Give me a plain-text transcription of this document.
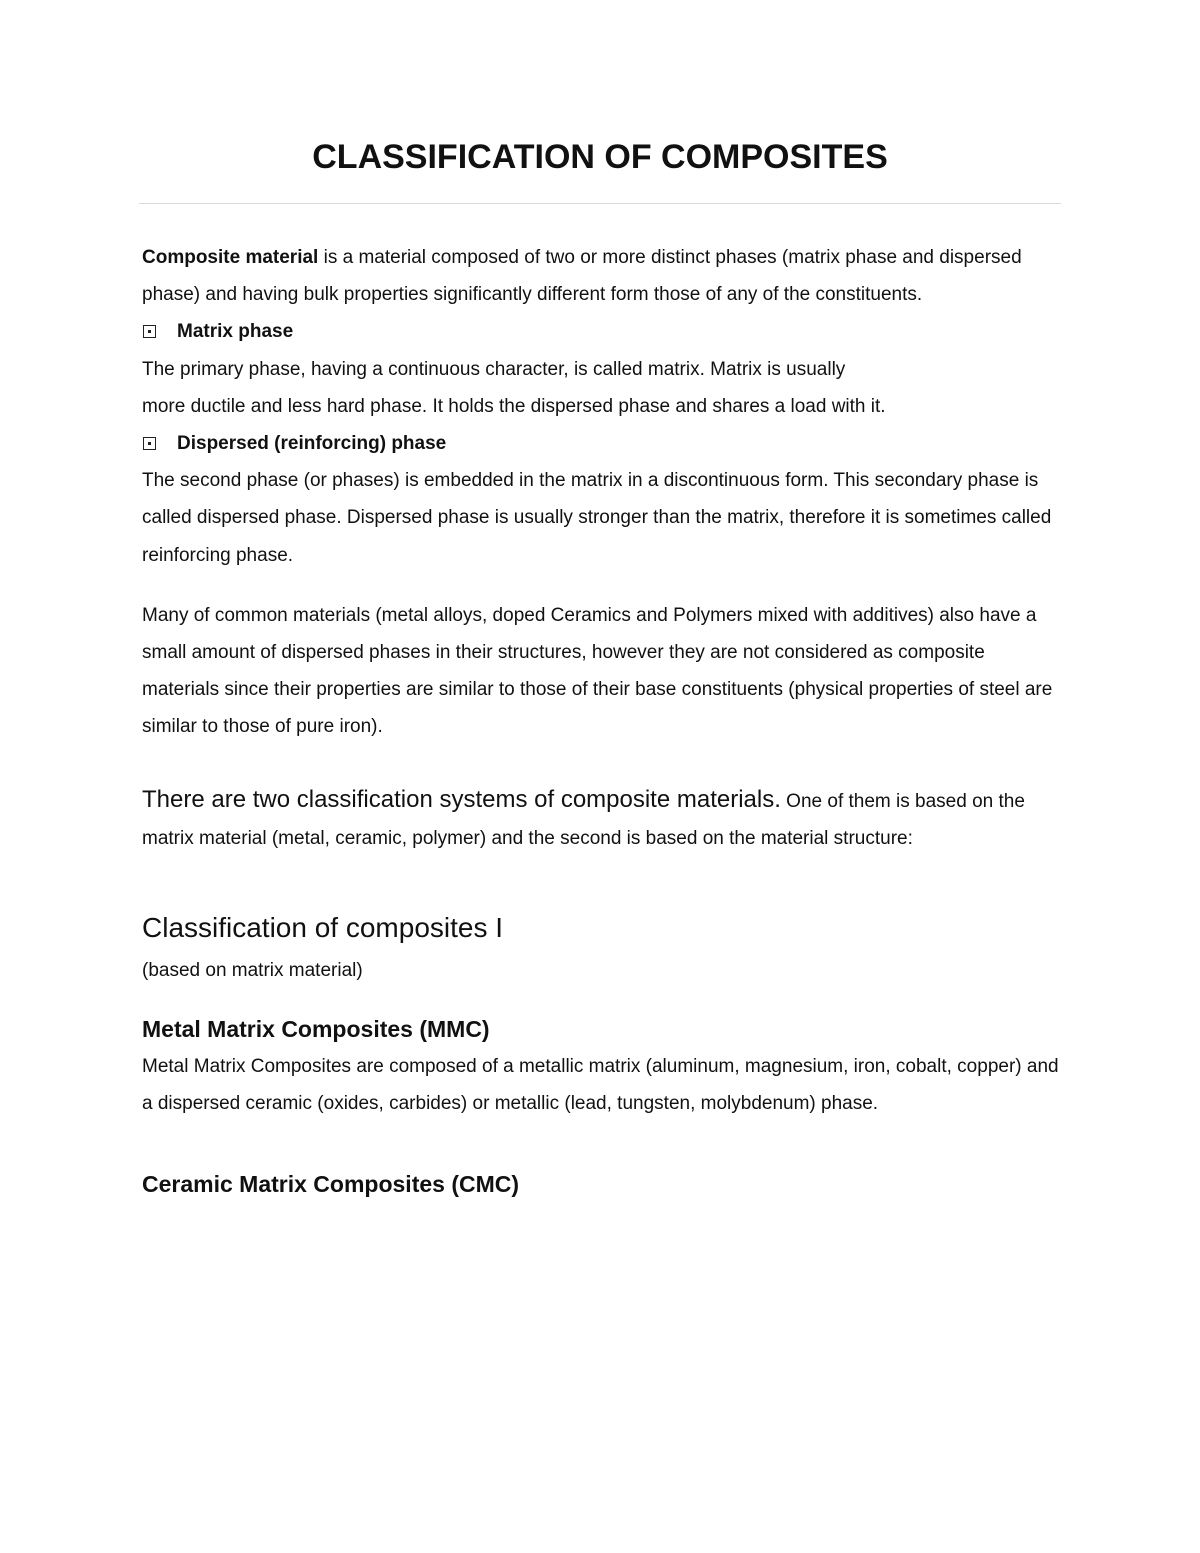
CLASSIFICATION OF COMPOSITES

Composite material is a material composed of two or more distinct phases (matrix phase and dispersed phase) and having bulk properties significantly different form those of any of the constituents.

Matrix phase

The primary phase, having a continuous character, is called matrix. Matrix is usually

more ductile and less hard phase. It holds the dispersed phase and shares a load with it.

Dispersed (reinforcing) phase

The second phase (or phases) is embedded in the matrix in a discontinuous form. This secondary phase is called dispersed phase. Dispersed phase is usually stronger than the matrix, therefore it is sometimes called reinforcing phase.

Many of common materials (metal alloys, doped Ceramics and Polymers mixed with additives) also have a small amount of dispersed phases in their structures, however they are not considered as composite materials since their properties are similar to those of their base constituents (physical properties of steel are similar to those of pure iron).

There are two classification systems of composite materials. One of them is based on the matrix material (metal, ceramic, polymer) and the second is based on the material structure:

Classification of composites I

(based on matrix material)

Metal Matrix Composites (MMC)

Metal Matrix Composites are composed of a metallic matrix (aluminum, magnesium, iron, cobalt, copper) and a dispersed ceramic (oxides, carbides) or metallic (lead, tungsten, molybdenum) phase.

Ceramic Matrix Composites (CMC)
